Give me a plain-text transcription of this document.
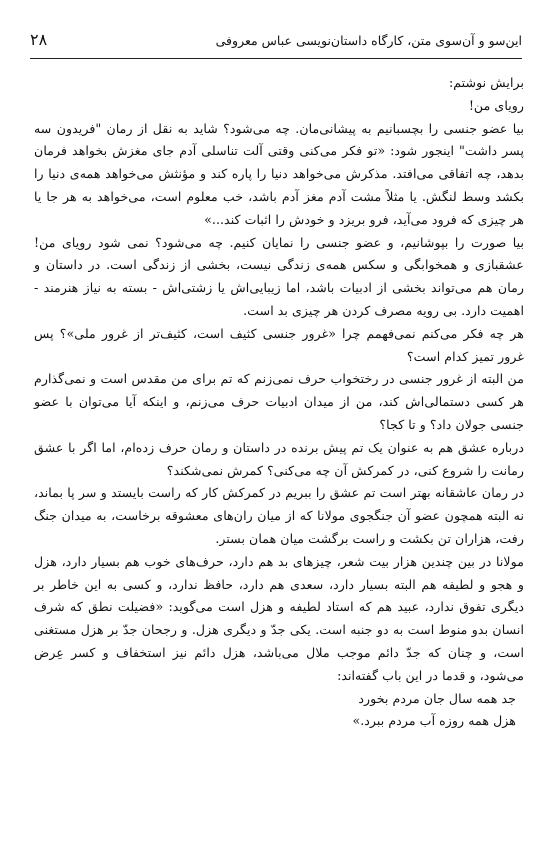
۲۸	این‌سو و آن‌سوی متن، کارگاه داستان‌نویسی عباس معروفی

برایش نوشتم:

رویای من!

بیا عضو جنسی را بچسبانیم به پیشانی‌مان. چه می‌شود؟ شاید به نقل از رمان "فریدون سه پسر داشت" اینجور شود: «تو فکر می‌کنی وقتی آلت تناسلی آدم جای مغزش بخواهد فرمان بدهد، چه اتفاقی می‌افتد. مذکرش می‌خواهد دنیا را پاره کند و مؤنثش می‌خواهد همه‌ی دنیا را بکشد وسط لنگش. یا مثلاً مشت آدم مغز آدم باشد، خب معلوم است، می‌خواهد به هر جا یا هر چیزی که فرود می‌آید، فرو بریزد و خودش را اثبات کند...»

بیا صورت را بپوشانیم، و عضو جنسی را نمایان کنیم. چه می‌شود؟ نمی شود رویای من! عشقبازی و همخوابگی و سکس همه‌ی زندگی نیست، بخشی از زندگی است. در داستان و رمان هم می‌تواند بخشی از ادبیات باشد، اما زیبایی‌اش یا زشتی‌اش - بسته به نیاز هنرمند - اهمیت دارد. بی رویه مصرف کردن هر چیزی بد است.

هر چه فکر می‌کنم نمی‌فهمم چرا «غرور جنسی کثیف است، کثیف‌تر از غرور ملی»؟ پس غرور تمیز کدام است؟

من البته از غرور جنسی در رختخواب حرف نمی‌زنم که تم برای من مقدس است و نمی‌گذارم هر کسی دستمالی‌اش کند، من از میدان ادبیات حرف می‌زنم، و اینکه آیا می‌توان با عضو جنسی جولان داد؟ و تا کجا؟

درباره عشق هم به عنوان یک تم پیش برنده در داستان و رمان حرف زده‌ام، اما اگر با عشق رمانت را شروع کنی، در کمرکش آن چه می‌کنی؟ کمرش نمی‌شکند؟

در رمان عاشقانه بهتر است تم عشق را ببریم در کمرکش کار که راست بایستد و سر پا بماند، نه البته همچون عضو آن جنگجوی مولانا که از میان ران‌های معشوقه برخاست، به میدان جنگ رفت، هزاران تن بکشت و راست برگشت میان همان بستر.

مولانا در بین چندین هزار بیت شعر، چیزهای بد هم دارد، حرف‌های خوب هم بسیار دارد، هزل و هجو و لطیفه هم البته بسیار دارد، سعدی هم دارد، حافظ ندارد، و کسی به این خاطر بر دیگری تفوق ندارد، عبید هم که استاد لطیفه و هزل است می‌گوید: «فضیلت نطق که شرف انسان بدو منوط است به دو جنبه است. یکی جدّ و دیگری هزل. و رجحان جدّ بر هزل مستغنی است، و چنان که جدّ دائم موجب ملال می‌باشد، هزل دائم نیز استخفاف و کسر عِرض می‌شود، و قدما در این باب گفته‌اند:

جد همه سال جان مردم بخورد

هزل همه روزه آب مردم ببرد.»
